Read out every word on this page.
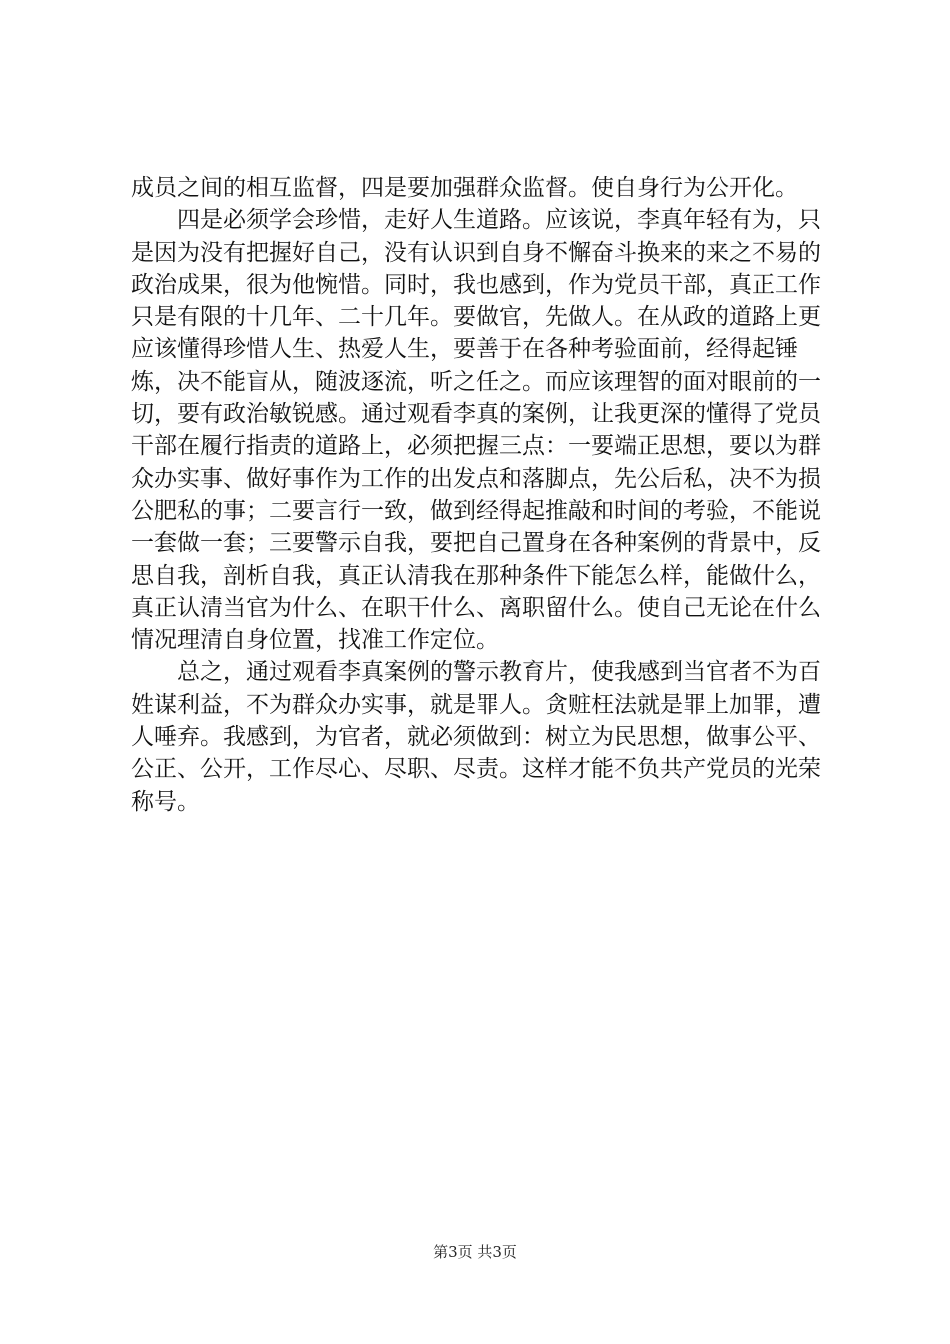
成员之间的相互监督，四是要加强群众监督。使自身行为公开化。

四是必须学会珍惜，走好人生道路。应该说，李真年轻有为，只是因为没有把握好自己，没有认识到自身不懈奋斗换来的来之不易的政治成果，很为他惋惜。同时，我也感到，作为党员干部，真正工作只是有限的十几年、二十几年。要做官，先做人。在从政的道路上更应该懂得珍惜人生、热爱人生，要善于在各种考验面前，经得起锤炼，决不能盲从，随波逐流，听之任之。而应该理智的面对眼前的一切，要有政治敏锐感。通过观看李真的案例，让我更深的懂得了党员干部在履行指责的道路上，必须把握三点：一要端正思想，要以为群众办实事、做好事作为工作的出发点和落脚点，先公后私，决不为损公肥私的事；二要言行一致，做到经得起推敲和时间的考验，不能说一套做一套；三要警示自我，要把自己置身在各种案例的背景中，反思自我，剖析自我，真正认清我在那种条件下能怎么样，能做什么，真正认清当官为什么、在职干什么、离职留什么。使自己无论在什么情况理清自身位置，找准工作定位。

总之，通过观看李真案例的警示教育片，使我感到当官者不为百姓谋利益，不为群众办实事，就是罪人。贪赃枉法就是罪上加罪，遭人唾弃。我感到，为官者，就必须做到：树立为民思想，做事公平、公正、公开，工作尽心、尽职、尽责。这样才能不负共产党员的光荣称号。

第3页 共3页
